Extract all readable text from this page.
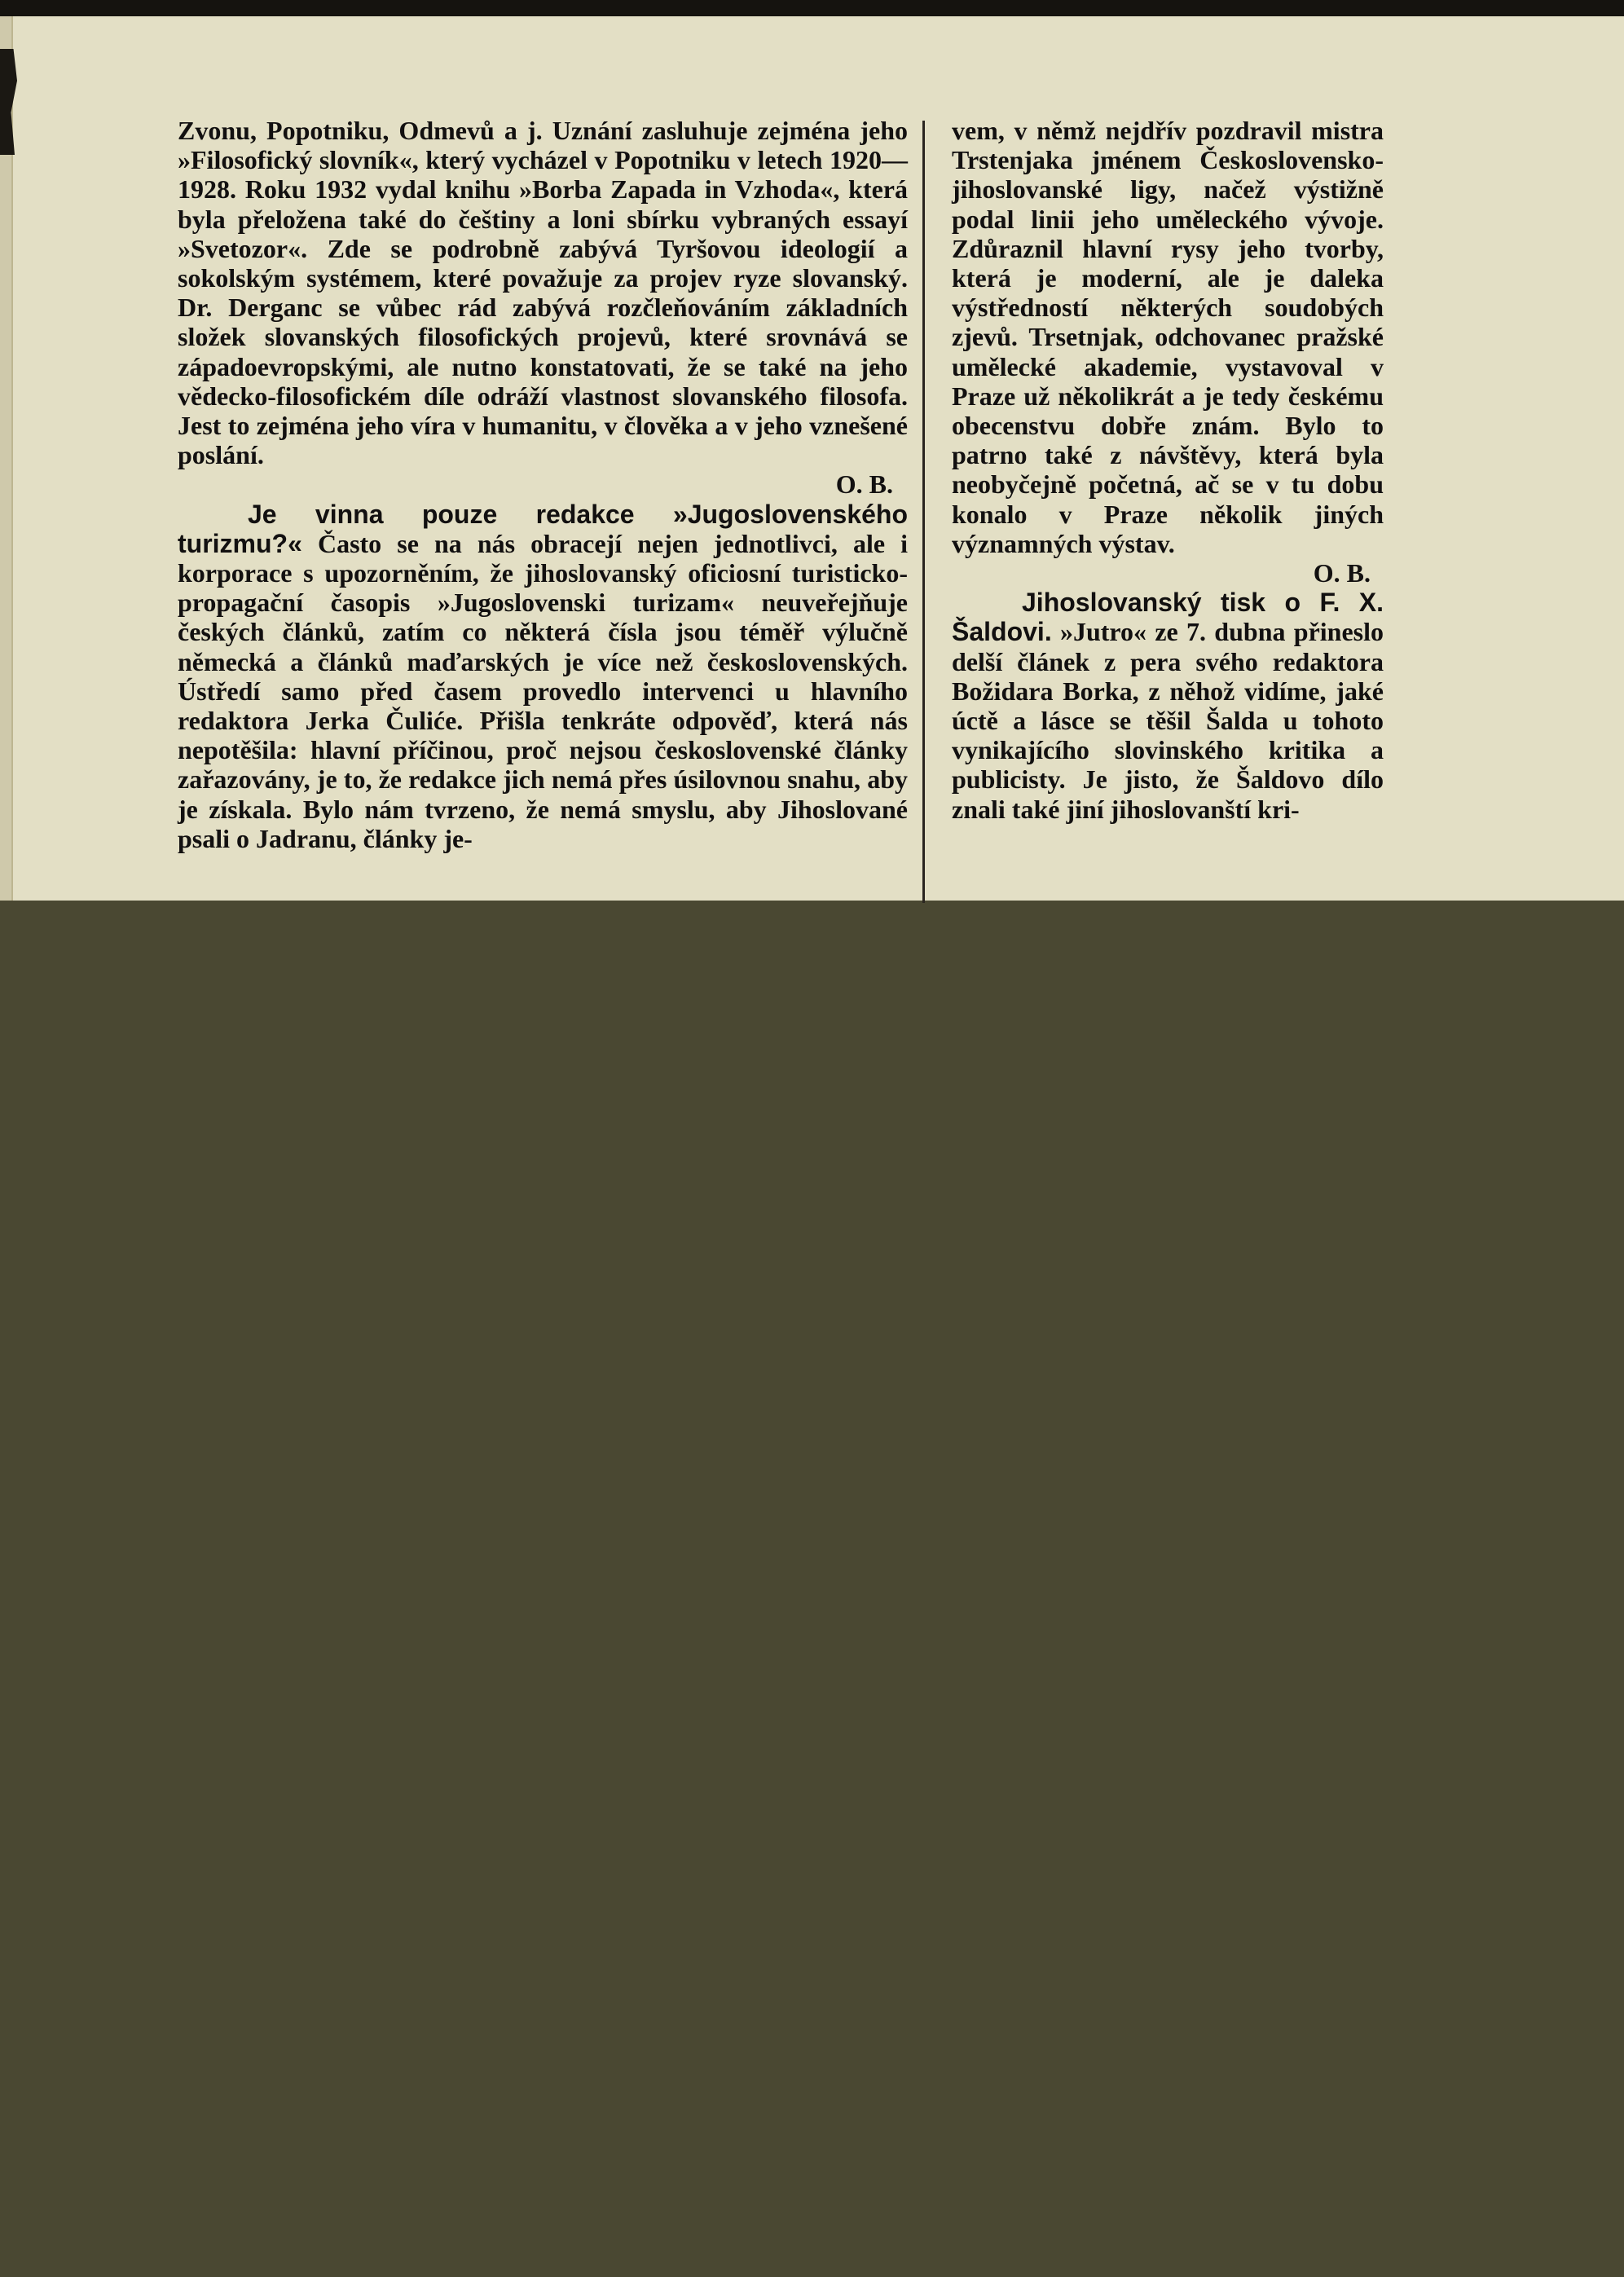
Zvonu, Popotniku, Odmevů a j. Uznání zasluhuje zejména jeho »Filosofický slovník«, který vycházel v Popotniku v letech 1920—1928. Roku 1932 vydal knihu »Borba Zapada in Vzhoda«, která byla přeložena také do češtiny a loni sbírku vybraných essayí »Svetozor«. Zde se podrobně zabývá Tyršovou ideologií a sokolským systémem, které považuje za projev ryze slovanský. Dr. Derganc se vůbec rád zabývá rozčleňováním základních složek slovanských filosofických projevů, které srovnává se západoevropskými, ale nutno konstatovati, že se také na jeho vědecko-filosofickém díle odráží vlastnost slovanského filosofa. Jest to zejména jeho víra v humanitu, v člověka a v jeho vznešené poslání.

O. B.

Je vinna pouze redakce »Jugoslovenského turizmu?« Často se na nás obracejí nejen jednotlivci, ale i korporace s upozorněním, že jihoslovanský oficiosní turisticko-propagační časopis »Jugoslovenski turizam« neuveřejňuje českých článků, zatím co některá čísla jsou téměř výlučně německá a článků maďarských je více než československých. Ústředí samo před časem provedlo intervenci u hlavního redaktora Jerka Čuliće. Přišla tenkráte odpověď, která nás nepotěšila: hlavní příčinou, proč nejsou československé články zařazovány, je to, že redakce jich nemá přes úsilovnou snahu, aby je získala. Bylo nám tvrzeno, že nemá smyslu, aby Jihoslované psali o Jadranu, články je-

vem, v němž nejdřív pozdravil mistra Trstenjaka jménem Československo-jihoslovanské ligy, načež výstižně podal linii jeho uměleckého vývoje. Zdůraznil hlavní rysy jeho tvorby, která je moderní, ale je daleka výstředností některých soudobých zjevů. Trsetnjak, odchovanec pražské umělecké akademie, vystavoval v Praze už několikrát a je tedy českému obecenstvu dobře znám. Bylo to patrno také z návštěvy, která byla neobyčejně početná, ač se v tu dobu konalo v Praze několik jiných významných výstav.

O. B.

Jihoslovanský tisk o F. X. Šaldovi. »Jutro« ze 7. dubna přineslo delší článek z pera svého redaktora Božidara Borka, z něhož vidíme, jaké úctě a lásce se těšil Šalda u tohoto vynikajícího slovinského kritika a publicisty. Je jisto, že Šaldovo dílo znali také jiní jihoslovanští kri-
